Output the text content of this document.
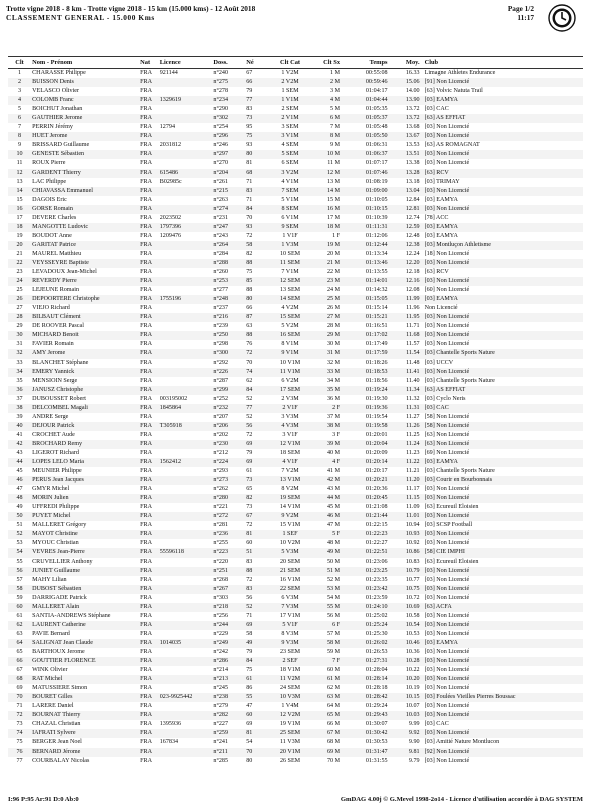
Trotte vigne 2018 - 8 km - Trotte vigne 2018 - 15 km (15.000 kms) - 12 Août 2018
CLASSEMENT GENERAL - 15.000 Kms
Page 1/2
11:17
Clt	Nom - Prénom	Nat	Licence	Doss.	Né	Clt Cat	Clt Sx	Temps	Moy.	Club
1	CHARASSE Philippe	FRA	921144	n°240	67	1 V2M	1 M	00:55:08	16.33	Limagne Athletes Endurance
2	BUISSON Denis	FRA		n°275	66	2 V2M	2 M	00:59:46	15.06	[91] Non Licencié
3	VELASCO Olivier	FRA		n°278	79	1 SEM	3 M	01:04:17	14.00	[63] Volvic Natuta Trail
4	COLOMB Franc	FRA	1329619	n°234	77	1 V1M	4 M	01:04:44	13.90	[03] EAMYA
5	BOICHUT Jonathan	FRA		n°290	83	2 SEM	5 M	01:05:35	13.72	[03] CAC
6	GAUTHIER Jerome	FRA		n°302	73	2 V1M	6 M	01:05:37	13.72	[63] AS EFFIAT
7	PERRIN Jérémy	FRA	12794	n°254	95	3 SEM	7 M	01:05:48	13.68	[03] Non Licencié
8	HUET Jerome	FRA		n°296	75	3 V1M	8 M	01:05:50	13.67	[03] Non Licencié
9	BRISSARD Guillaume	FRA	2031812	n°246	93	4 SEM	9 M	01:06:31	13.53	[63] AS ROMAGNAT
10	GENESTE Sébastien	FRA		n°297	80	5 SEM	10 M	01:06:37	13.51	[03] Non Licencié
11	ROUX Pierre	FRA		n°270	81	6 SEM	11 M	01:07:17	13.38	[03] Non Licencié
12	GARDENT Thierry	FRA	615486	n°204	68	3 V2M	12 M	01:07:46	13.28	[63] RCV
13	LAC Philippe	FRA	B02985c	n°261	71	4 V1M	13 M	01:08:19	13.18	[03] TRIMAY
14	CHIAVASSA Emmanuel	FRA		n°215	83	7 SEM	14 M	01:09:00	13.04	[03] Non Licencié
15	DAGOIS Eric	FRA		n°263	71	5 V1M	15 M	01:10:05	12.84	[03] EAMYA
16	GORSE Romain	FRA		n°274	84	8 SEM	16 M	01:10:15	12.81	[03] Non Licencié
17	DEVERE Charles	FRA	2023502	n°231	70	6 V1M	17 M	01:10:39	12.74	[78] ACC
18	MANGOTTE Ludovic	FRA	1797396	n°247	93	9 SEM	18 M	01:11:31	12.59	[03] EAMYA
19	BOUDOT Anne	FRA	1209476	n°243	72	1 V1F	1 F	01:12:06	12.48	[03] EAMYA
20	GARITAT Patrice	FRA		n°264	58	1 V3M	19 M	01:12:44	12.38	[03] Montluçon Athletisme
21	MAUREL Matthieu	FRA		n°284	82	10 SEM	20 M	01:13:34	12.24	[18] Non Licencié
22	VEYSSEYRE Baptiste	FRA		n°288	88	11 SEM	21 M	01:13:46	12.20	[03] Non Licencié
23	LEVADOUX Jean-Michel	FRA		n°260	75	7 V1M	22 M	01:13:55	12.18	[63] RCV
24	REVERDY Pierre	FRA		n°253	85	12 SEM	23 M	01:14:01	12.16	[03] Non Licencié
25	LEJEUNE Romain	FRA		n°277	88	13 SEM	24 M	01:14:32	12.08	[60] Non Licencié
26	DEPOORTERE Christophe	FRA	1755196	n°248	80	14 SEM	25 M	01:15:05	11.99	[03] EAMYA
27	VIEJO Richard	FRA		n°237	66	4 V2M	26 M	01:15:14	11.96	Non Licencié
28	BILBAUT Clément	FRA		n°216	87	15 SEM	27 M	01:15:21	11.95	[03] Non Licencié
29	DE ROOVER Pascal	FRA		n°239	63	5 V2M	28 M	01:16:51	11.71	[03] Non Licencié
30	MICHARD Benoit	FRA		n°250	88	16 SEM	29 M	01:17:02	11.68	[03] Non Licencié
31	FAVIER Romain	FRA		n°298	76	8 V1M	30 M	01:17:49	11.57	[03] Non Licencié
32	AMY Jerome	FRA		n°300	72	9 V1M	31 M	01:17:59	11.54	[03] Chantelle Sports Nature
33	BLANCHET Stéphane	FRA		n°292	70	10 V1M	32 M	01:18:26	11.48	[03] UCCV
34	EMERY Yannick	FRA		n°226	74	11 V1M	33 M	01:18:53	11.41	[03] Non Licencié
35	MENSIOIN Serge	FRA		n°287	62	6 V2M	34 M	01:18:56	11.40	[03] Chantelle Sports Nature
36	JANUSZ Christophe	FRA		n°299	84	17 SEM	35 M	01:19:24	11.34	[63] AS EFFIAT
37	DUBOUSSET Robert	FRA	003195002	n°252	52	2 V3M	36 M	01:19:30	11.32	[03] Cyclo Neris
38	DELCOMBEL Magali	FRA	1845864	n°232	77	2 V1F	2 F	01:19:36	11.31	[03] CAC
39	ANDRE Serge	FRA		n°207	52	3 V3M	37 M	01:19:54	11.27	[58] Non Licencié
40	DEJOUR Patrick	FRA	T305918	n°206	56	4 V3M	38 M	01:19:58	11.26	[58] Non Licencié
41	CROCHET Aude	FRA		n°202	72	3 V1F	3 F	01:20:01	11.25	[63] Non Licencié
42	BROCHARD Remy	FRA		n°230	69	12 V1M	39 M	01:20:04	11.24	[63] Non Licencié
43	LIGEROT Richard	FRA		n°212	79	18 SEM	40 M	01:20:09	11.23	[69] Non Licencié
44	LOPES LELO Maria	FRA	1562412	n°224	69	4 V1F	4 F	01:20:14	11.22	[03] EAMYA
45	MEUNIER Philippe	FRA		n°293	61	7 V2M	41 M	01:20:17	11.21	[03] Chantelle Sports Nature
46	PERUS Jean Jacques	FRA		n°273	73	13 V1M	42 M	01:20:21	11.20	[03] Courir en Bourbonnais
47	GMYR Michel	FRA		n°262	65	8 V2M	43 M	01:20:36	11.17	[03] Non Licencié
48	MORIN Julien	FRA		n°280	82	19 SEM	44 M	01:20:45	11.15	[03] Non Licencié
49	UFFREDI Philippe	FRA		n°221	73	14 V1M	45 M	01:21:08	11.09	[63] Ecureuil Eloisien
50	PUYET Michel	FRA		n°272	67	9 V2M	46 M	01:21:44	11.01	[03] Non Licencié
51	MALLERET Grégory	FRA		n°281	72	15 V1M	47 M	01:22:15	10.94	[03] SCSP Football
52	MAYOT Christine	FRA		n°236	81	1 SEF	5 F	01:22:23	10.93	[03] Non Licencié
53	MYOUC Christian	FRA		n°255	60	10 V2M	48 M	01:22:27	10.92	[03] Non Licencié
54	VEVRES Jean-Pierre	FRA	55596118	n°223	51	5 V3M	49 M	01:22:51	10.86	[58] CIE IMPHI
55	CRUVELLIER Anthony	FRA		n°220	83	20 SEM	50 M	01:23:06	10.83	[63] Ecureuil Eloisien
56	JUNIET Guillaume	FRA		n°251	88	21 SEM	51 M	01:23:25	10.79	[03] Non Licencié
57	MAHY Lilian	FRA		n°268	72	16 V1M	52 M	01:23:35	10.77	[03] Non Licencié
58	DUBOST Sébastien	FRA		n°267	83	22 SEM	53 M	01:23:42	10.75	[03] Non Licencié
59	DARRIGADE Patrick	FRA		n°303	56	6 V3M	54 M	01:23:59	10.72	[03] Non Licencié
60	MALLERET Alain	FRA		n°218	52	7 V3M	55 M	01:24:10	10.69	[63] ACFA
61	SANTIA-ANDREWS Stéphane	FRA		n°256	71	17 V1M	56 M	01:25:02	10.58	[03] Non Licencié
62	LAURENT Catherine	FRA		n°244	69	5 V1F	6 F	01:25:24	10.54	[03] Non Licencié
63	PAVIE Bernard	FRA		n°229	58	8 V3M	57 M	01:25:30	10.53	[03] Non Licencié
64	SALIGNAT Jean Claude	FRA	1014035	n°249	49	9 V3M	58 M	01:26:02	10.46	[03] EAMYA
65	BARTHOUX Jerome	FRA		n°242	79	23 SEM	59 M	01:26:53	10.36	[03] Non Licencié
66	GOUTTIER FLORENCE	FRA		n°286	84	2 SEF	7 F	01:27:31	10.28	[03] Non Licencié
67	WINK Olivier	FRA		n°214	75	18 V1M	60 M	01:28:04	10.22	[03] Non Licencié
68	RAT Michel	FRA		n°213	61	11 V2M	61 M	01:28:14	10.20	[03] Non Licencié
69	MATUSSIERE Simon	FRA		n°245	86	24 SEM	62 M	01:28:18	10.19	[03] Non Licencié
70	BOURET Gilles	FRA	023-9925442	n°238	55	10 V3M	63 M	01:28:42	10.15	[03] Foulées Vieilles Pierres Boussac
71	LARERE Daniel	FRA		n°279	47	1 V4M	64 M	01:29:24	10.07	[03] Non Licencié
72	BOURNAT Thierry	FRA		n°282	60	12 V2M	65 M	01:29:43	10.03	[03] Non Licencié
73	CHAZAL Christian	FRA	1395936	n°227	69	19 V1M	66 M	01:30:07	9.99	[03] CAC
74	IAFRATI Sylvere	FRA		n°259	81	25 SEM	67 M	01:30:42	9.92	[03] Non Licencié
75	BERGER Jean Noel	FRA	167834	n°241	54	11 V3M	68 M	01:30:53	9.90	[03] Amitié Nature Montlucon
76	BERNARD Jérome	FRA		n°211	70	20 V1M	69 M	01:31:47	9.81	[92] Non Licencié
77	COURBALAY Nicolas	FRA		n°285	80	26 SEM	70 M	01:31:55	9.79	[03] Non Licencié
I:96 P:95 Ar:91 D:0 Ab:0	GmDAG 4.00j © G.Mevel 1998-2o14 - Licence d'utilisation accordée à DAG SYSTEM
